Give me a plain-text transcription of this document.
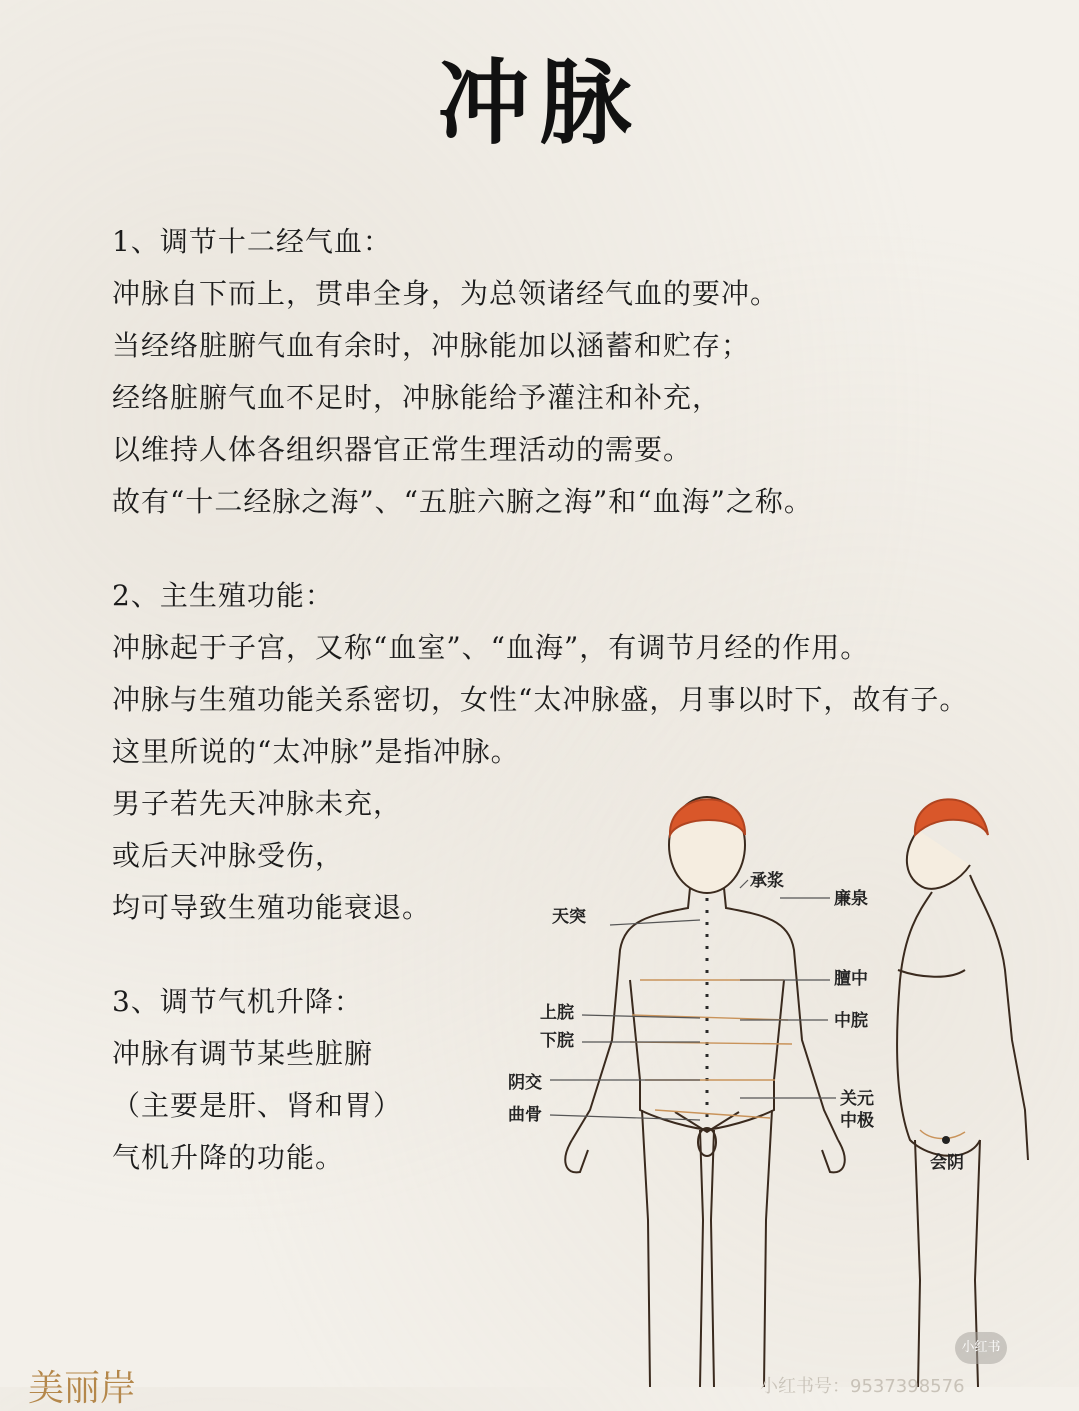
冲脉
1、调节十二经气血：
冲脉自下而上，贯串全身，为总领诸经气血的要冲。
当经络脏腑气血有余时，冲脉能加以涵蓄和贮存；
经络脏腑气血不足时，冲脉能给予灌注和补充，
以维持人体各组织器官正常生理活动的需要。
故有“十二经脉之海”、“五脏六腑之海”和“血海”之称。
2、主生殖功能：
冲脉起于子宫，又称“血室”、“血海”，有调节月经的作用。
冲脉与生殖功能关系密切，女性“太冲脉盛，月事以时下，故有子。
这里所说的“太冲脉”是指冲脉。
男子若先天冲脉未充，
或后天冲脉受伤，
均可导致生殖功能衰退。
3、调节气机升降：
冲脉有调节某些脏腑
（主要是肝、肾和胃）
气机升降的功能。
承浆
廉泉
天突
膻中
上脘	中脘
下脘
阴交
关元
曲骨	中极
会阴
小红书
美丽岸	小红书号：9537398576
